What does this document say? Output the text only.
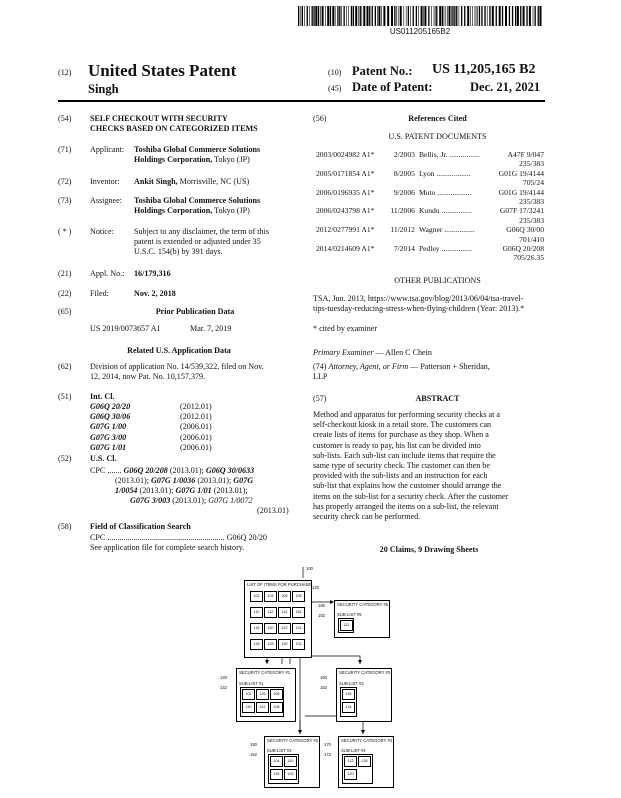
US011205165B2
(12) United States Patent
Singh
(10) Patent No.: US 11,205,165 B2
(45) Date of Patent:	Dec. 21, 2021
(54) SELF CHECKOUT WITH SECURITY
CHECKS BASED ON CATEGORIZED ITEMS
(71) Applicant: Toshiba Global Commerce Solutions
Holdings Corporation, Tokyo (JP)
(72) Inventor: Ankit Singh, Morrisville, NC (US)
(73) Assignee: Toshiba Global Commerce Solutions
Holdings Corporation, Tokyo (JP)
( * ) Notice: Subject to any disclaimer, the term of this
patent is extended or adjusted under 35
U.S.C. 154(b) by 391 days.
(21) Appl. No.: 16/179,316
(22) Filed:	Nov. 2, 2018
(65)	Prior Publication Data
US 2019/0073657 A1	Mar. 7, 2019
Related U.S. Application Data
(62) Division of application No. 14/539,322, filed on Nov.
12, 2014, now Pat. No. 10,157,379.
(51) Int. Cl.
G06Q 20/20	(2012.01)
G06Q 30/06	(2012.01)
G07G 1/00	(2006.01)
G07G 3/00	(2006.01)
G07G 1/01	(2006.01)
(52) U.S. Cl.
CPC ....... G06Q 20/208 (2013.01); G06Q 30/0633
(2013.01); G07G 1/0036 (2013.01); G07G
1/0054 (2013.01); G07G 1/01 (2013.01);
G07G 3/003 (2013.01); G07G 1/0072
(2013.01)
(58) Field of Classification Search
CPC .......................................................... G06Q 20/20
See application file for complete search history.
(56)	References Cited
U.S. PATENT DOCUMENTS
2003/0024982 A1*	2/2003	Bellis, Jr. ................	A47F 9/047
			235/383
2005/0171854 A1*	8/2005	Lyon ..................	G01G 19/4144
			705/24
2006/0196935 A1*	9/2006	Muto ..................	G01G 19/4144
			235/383
2006/0243798 A1*	11/2006	Kundu ................	G07F 17/3241
			235/383
2012/0277991 A1*	11/2012	Wagner ................	G06Q 30/00
			701/410
2014/0214609 A1*	7/2014	Pedley ................	G06Q 20/208
			705/26.35
OTHER PUBLICATIONS
TSA, Jun. 2013, https://www.tsa.gov/blog/2013/06/04/tsa-travel-
tips-tuesday-reducing-stress-when-flying-children (Year: 2013).*
* cited by examiner
Primary Examiner — Allen C Chein
(74) Attorney, Agent, or Firm — Patterson + Sheridan,
LLP
(57)	ABSTRACT
Method and apparatus for performing security checks at a
self-checkout kiosk in a retail store. The customers can
create lists of items for purchase as they shop. When a
customer is ready to pay, his list can be divided into
sub-lists. Each sub-list can include items that require the
same type of security check. The customer can then be
provided with the sub-lists and an instruction for each
sub-list that explains how the customer should arrange the
items on the sub-list for a security check. After the customer
has properly arranged the items on a sub-list, the relevant
security check can be performed.
20 Claims, 9 Drawing Sheets
100
120
LIST OF ITEMS FOR PURCHASE
102	104	106	108
110	112	114	116
118	120	122	124
126	128	130	132
180
182
SECURITY CATEGORY #5
SUB-LIST #5
112
140
142
SECURITY CATEGORY #1
SUB-LIST #1
102	126	106
130	122	108
160
162
SECURITY CATEGORY #3
SUB-LIST #3
118
124
150
152
SECURITY CATEGORY #2
SUB-LIST #2
104	110
116	132
170
172
SECURITY CATEGORY #4
SUB-LIST #4
112	128
120
